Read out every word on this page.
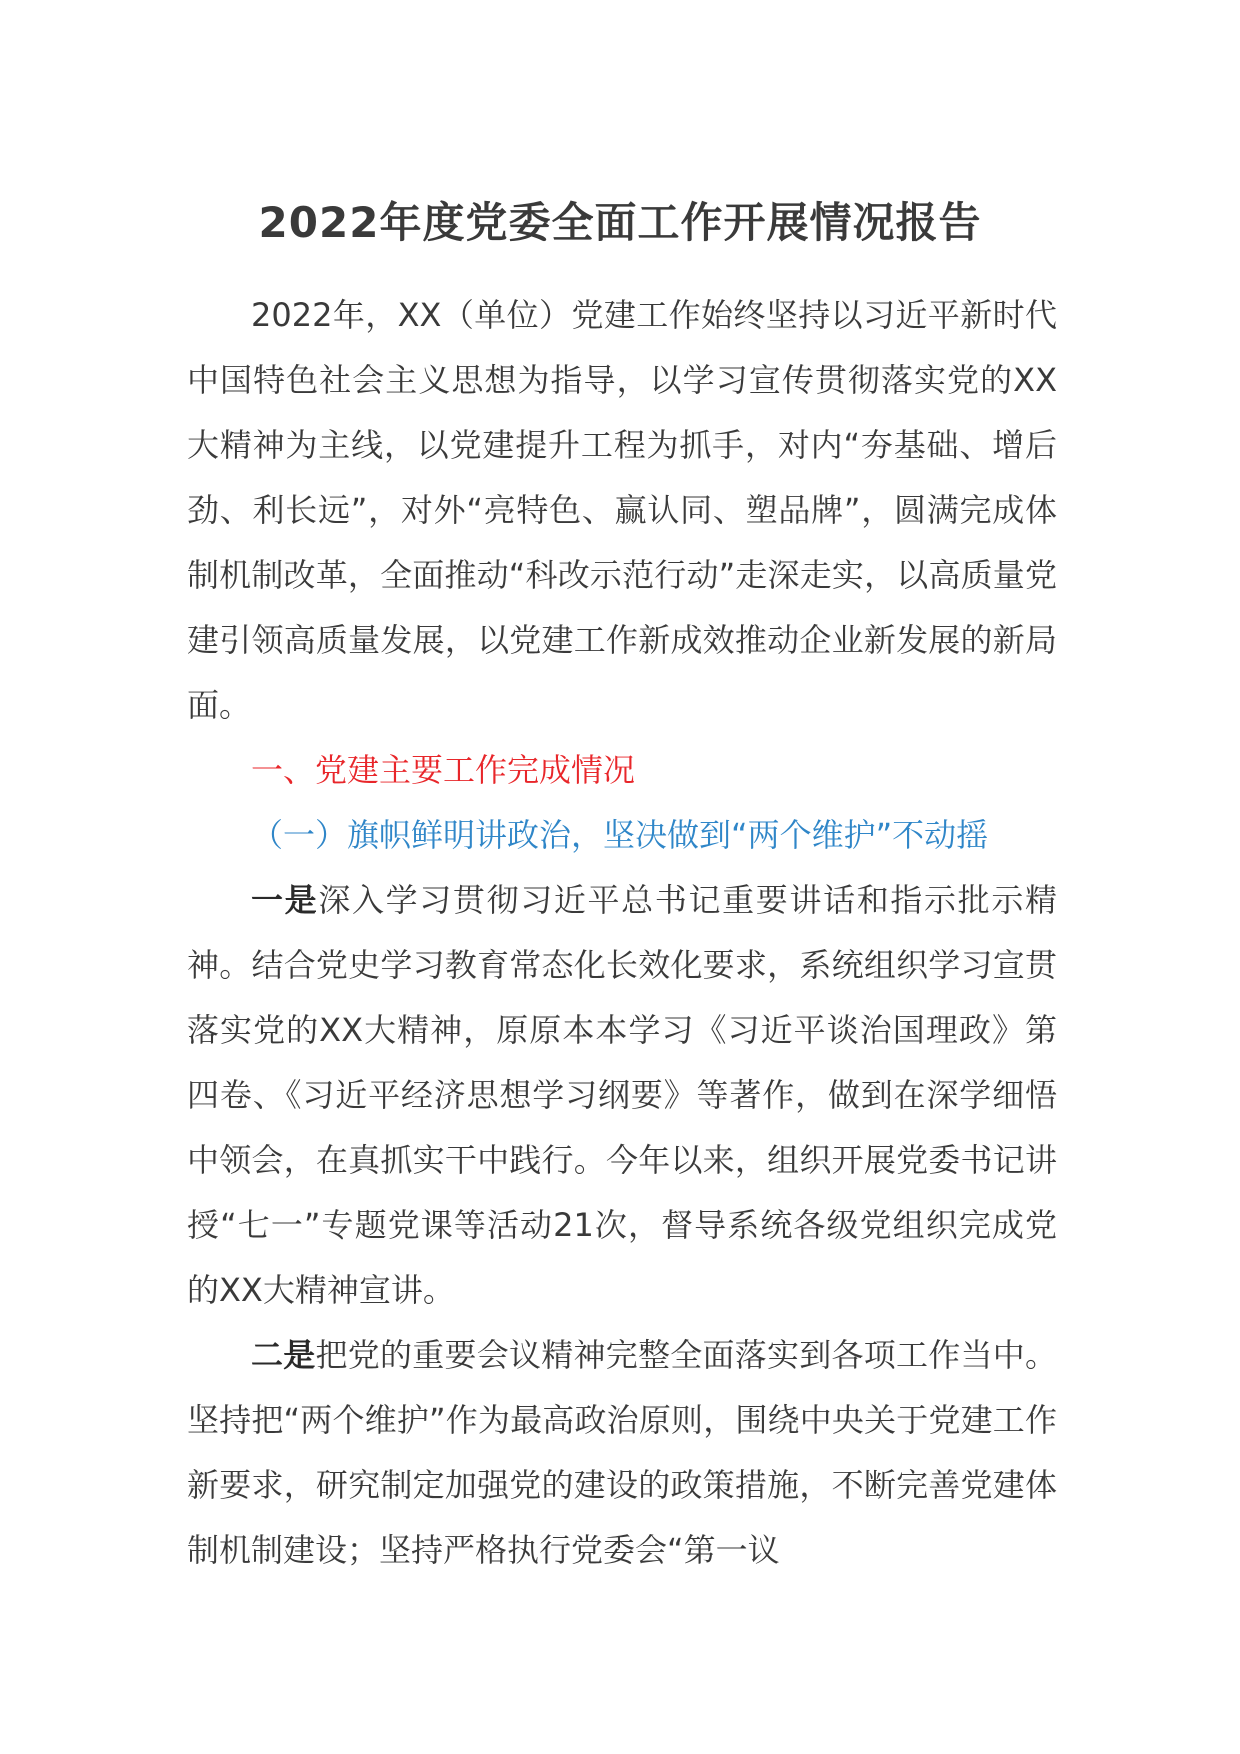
2022年度党委全面工作开展情况报告

2022年，XX（单位）党建工作始终坚持以习近平新时代中国特色社会主义思想为指导，以学习宣传贯彻落实党的XX大精神为主线，以党建提升工程为抓手，对内“夯基础、增后劲、利长远”，对外“亮特色、赢认同、塑品牌”，圆满完成体制机制改革，全面推动“科改示范行动”走深走实，以高质量党建引领高质量发展，以党建工作新成效推动企业新发展的新局面。

一、党建主要工作完成情况

（一）旗帜鲜明讲政治，坚决做到“两个维护”不动摇

一是深入学习贯彻习近平总书记重要讲话和指示批示精神。结合党史学习教育常态化长效化要求，系统组织学习宣贯落实党的XX大精神，原原本本学习《习近平谈治国理政》第四卷、《习近平经济思想学习纲要》等著作，做到在深学细悟中领会，在真抓实干中践行。今年以来，组织开展党委书记讲授“七一”专题党课等活动21次，督导系统各级党组织完成党的XX大精神宣讲。

二是把党的重要会议精神完整全面落实到各项工作当中。坚持把“两个维护”作为最高政治原则，围绕中央关于党建工作新要求，研究制定加强党的建设的政策措施，不断完善党建体制机制建设；坚持严格执行党委会“第一议
